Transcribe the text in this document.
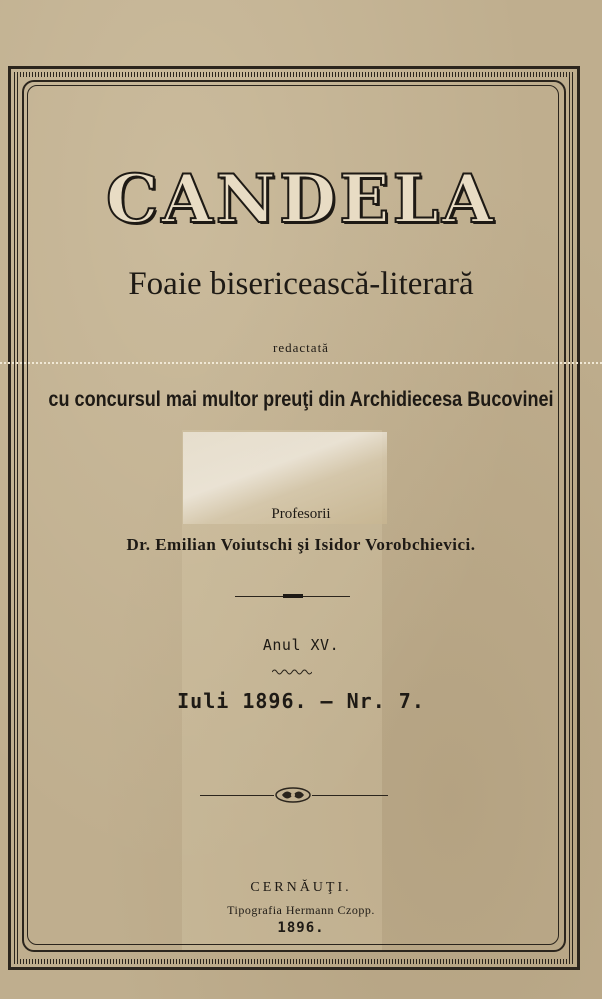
CANDELA
Foaie bisericească-literară
redactată
cu concursul mai multor preuţi din Archidiecesa Bucovinei
Profesorii
Dr. Emilian Voiutschi şi Isidor Vorobchievici.
Anul XV.
Iuli 1896. — Nr. 7.
CERNĂUŢI.
Tipografia Hermann Czopp.
1896.
